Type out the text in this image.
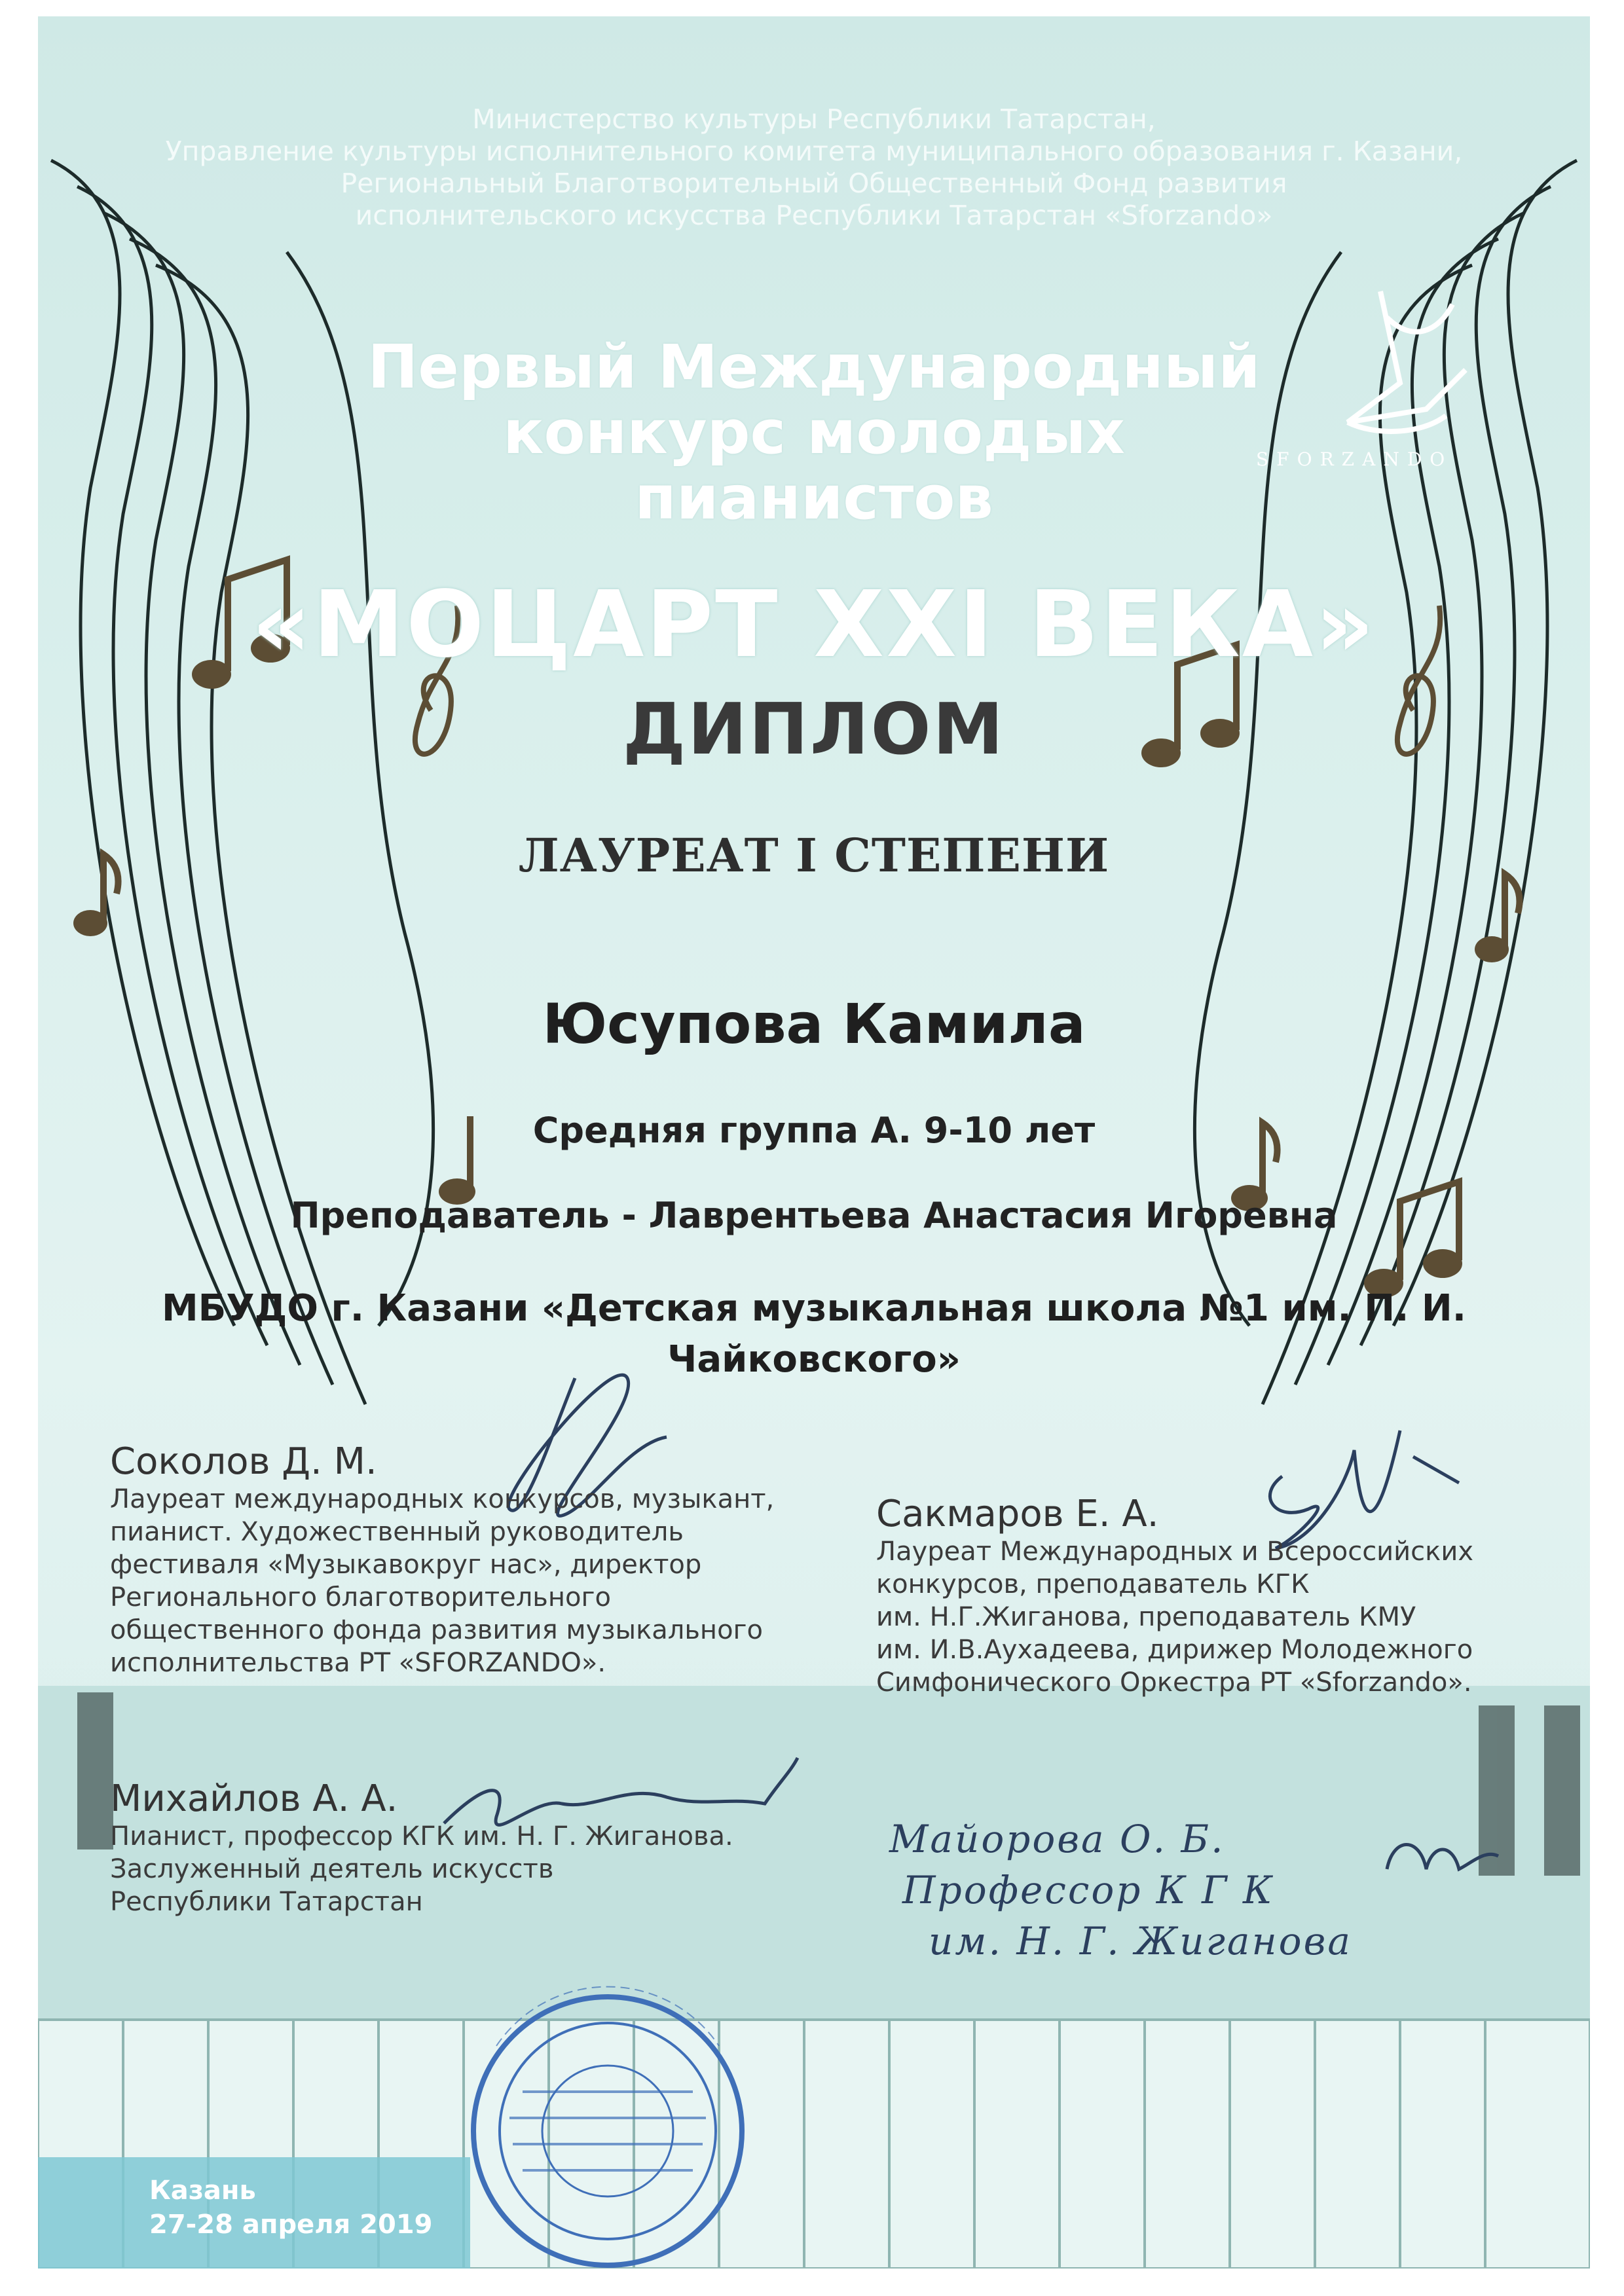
Министерство культуры Республики Татарстан,
Управление культуры исполнительного комитета муниципального образования г. Казани,
Региональный Благотворительный Общественный Фонд развития
исполнительского искусства Республики Татарстан «Sforzando»
SFORZANDO
Первый Международный
конкурс молодых
пианистов
«МОЦАРТ XXI ВЕКА»
ДИПЛОМ
ЛАУРЕАТ I СТЕПЕНИ
Юсупова Камила
Средняя группа А. 9-10 лет
Преподаватель - Лаврентьева Анастасия Игоревна
МБУДО г. Казани «Детская музыкальная школа №1 им. П. И.
Чайковского»
Соколов Д. М.
Лауреат международных конкурсов, музыкант,
пианист. Художественный руководитель
фестиваля «Музыкавокруг нас», директор
Регионального благотворительного
общественного фонда развития музыкального
исполнительства РТ «SFORZANDO».
Сакмаров Е. А.
Лауреат Международных и Всероссийских
конкурсов, преподаватель КГК
им. Н.Г.Жиганова, преподаватель КМУ
им. И.В.Аухадеева, дирижер Молодежного
Симфонического Оркестра РТ «Sforzando».
Михайлов А. А.
Пианист, профессор КГК им. Н. Г. Жиганова.
Заслуженный деятель искусств
Республики Татарстан
Майорова О. Б.
Профессор К Г К
им. Н. Г. Жиганова
Казань
27-28 апреля 2019
